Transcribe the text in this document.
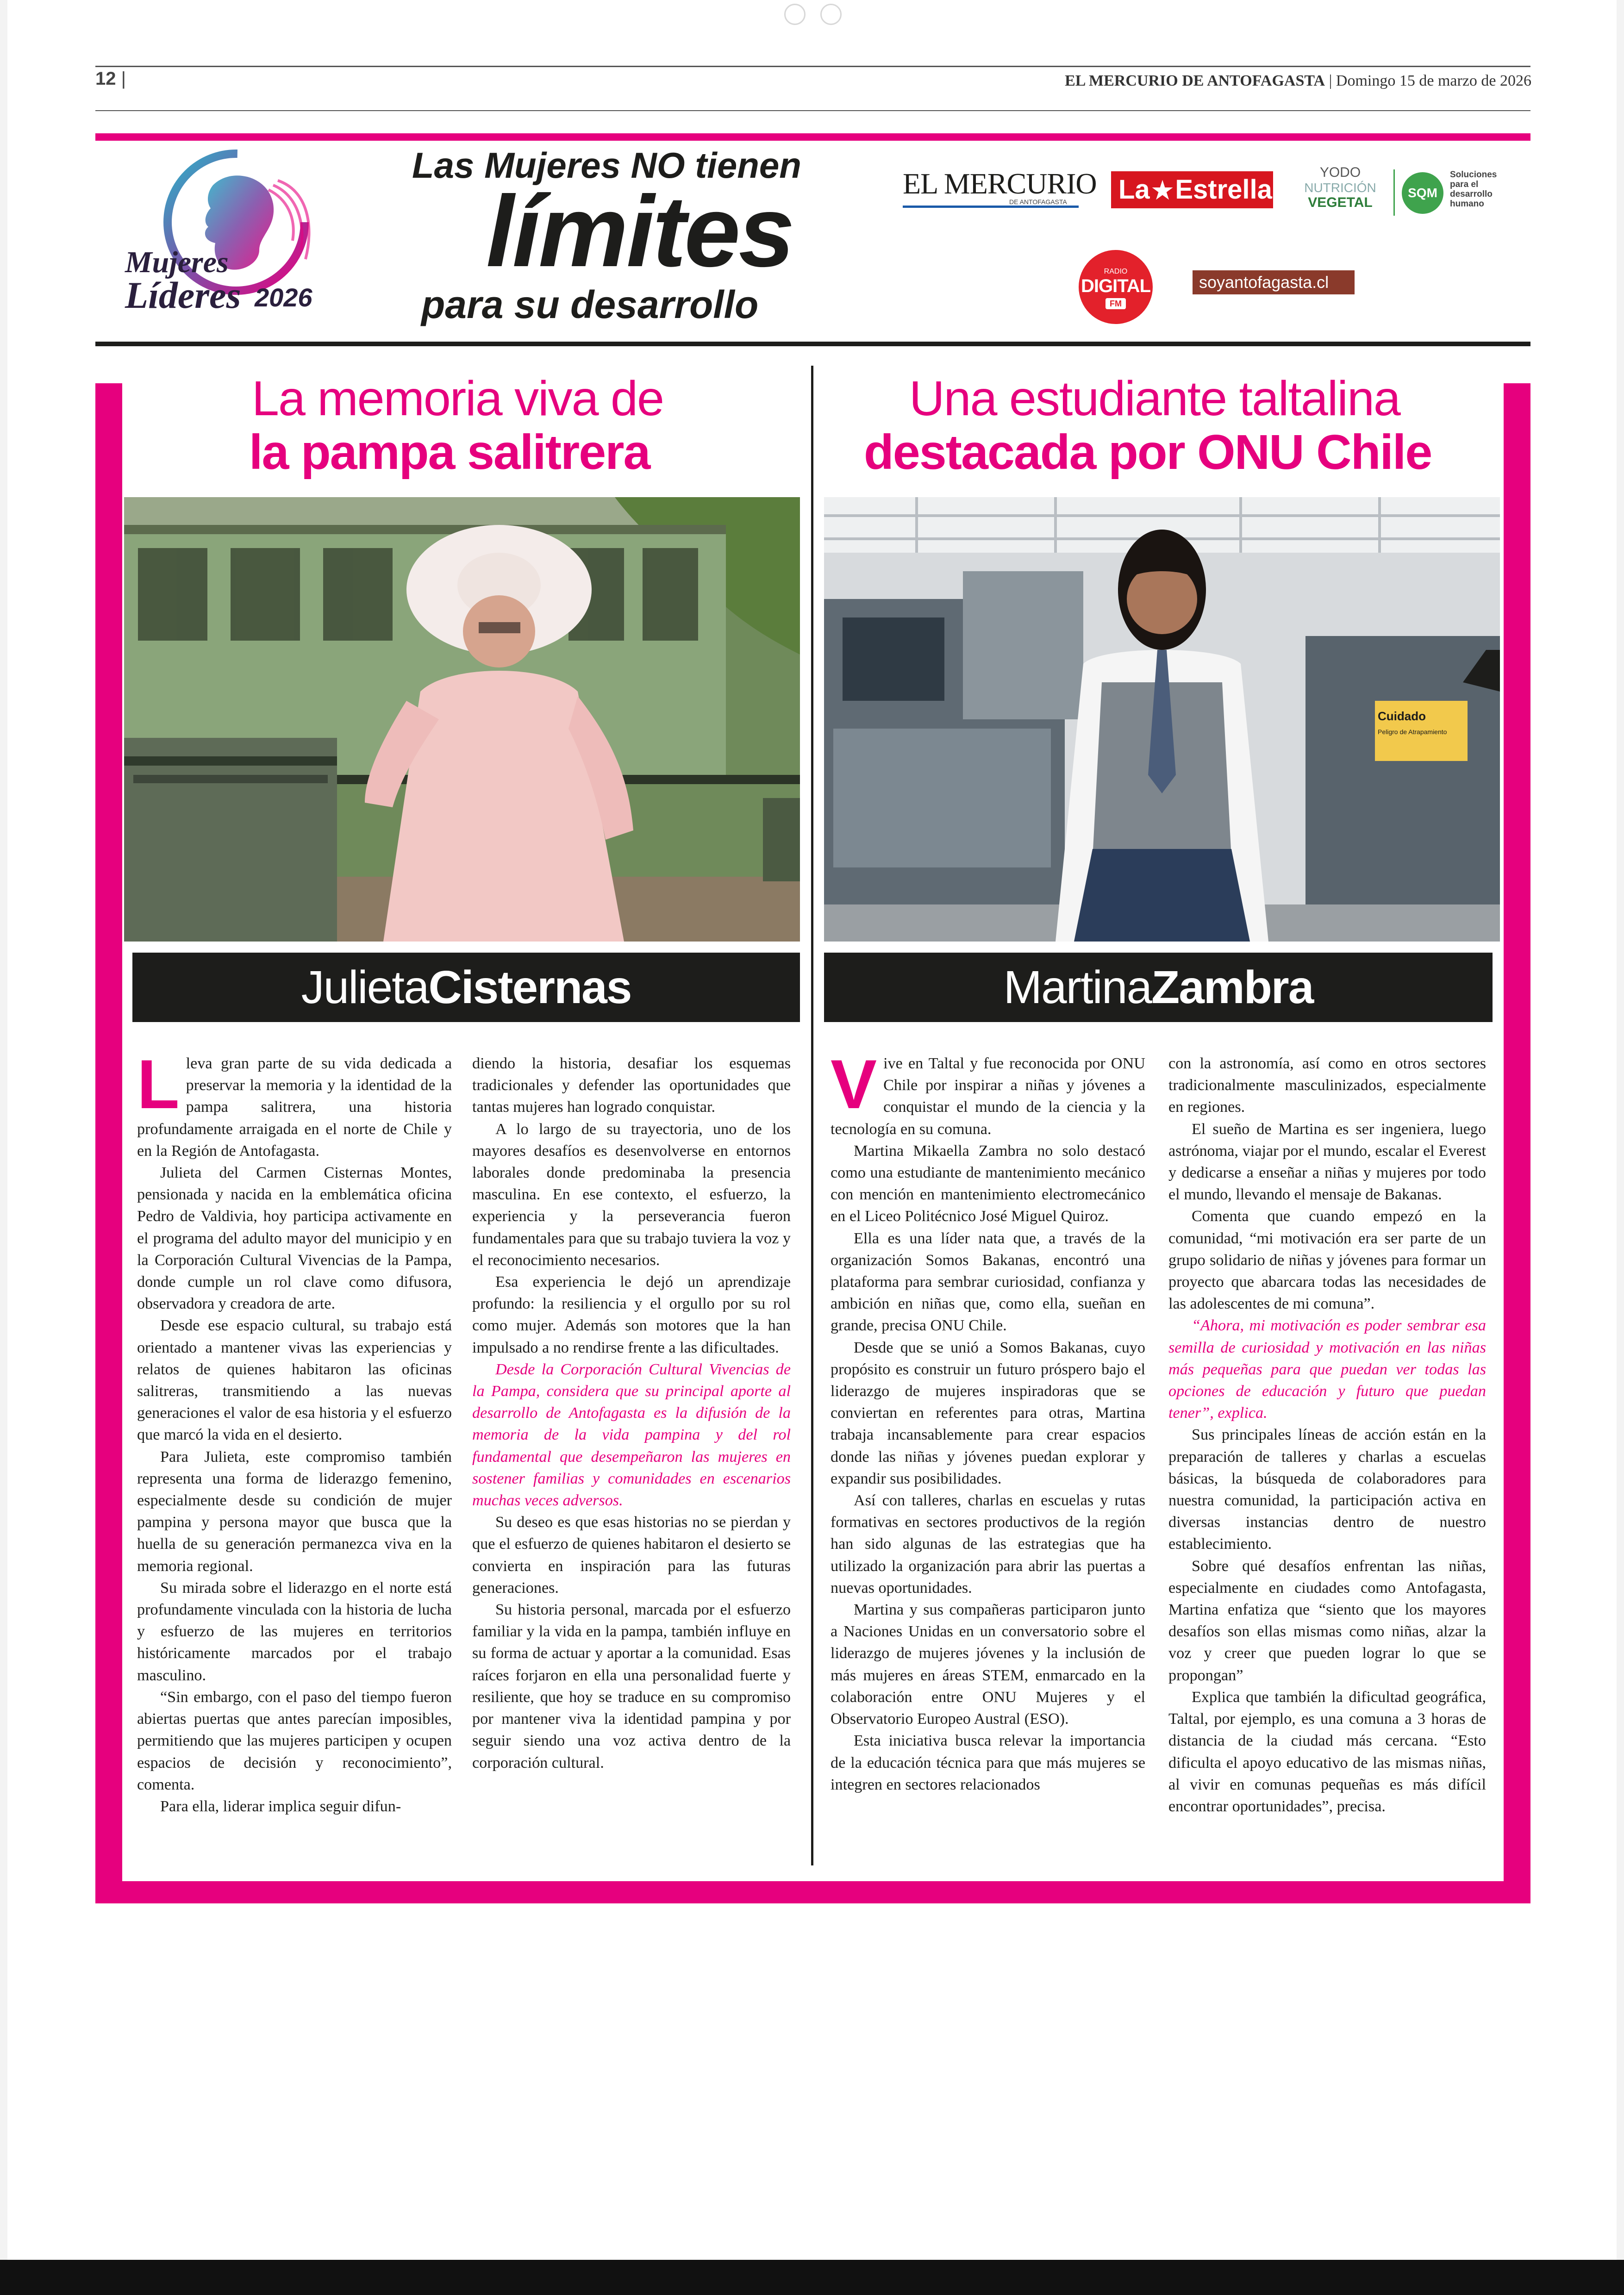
12 |	EL MERCURIO DE ANTOFAGASTA | Domingo 15 de marzo de 2026
Mujeres
Líderes 2026
Las Mujeres NO tienen
límites
para su desarrollo
EL MERCURIO
DE ANTOFAGASTA La★Estrella
YODO
NUTRICIÓN
VEGETAL
SQM
Soluciones para el desarrollo humano
RADIO
DIGITAL
FM
soyantofagasta.cl
La memoria viva de
la pampa salitrera
JulietaCisternas
L leva gran parte de su vida dedicada a preservar la memoria y la identidad de la pampa salitrera, una historia profundamente arraigada en el norte de Chile y en la Región de Antofagasta.

Julieta del Carmen Cisternas Montes, pensionada y nacida en la emblemática oficina Pedro de Valdivia, hoy participa activamente en el programa del adulto mayor del municipio y en la Corporación Cultural Vivencias de la Pampa, donde cumple un rol clave como difusora, observadora y creadora de arte.

Desde ese espacio cultural, su trabajo está orientado a mantener vivas las experiencias y relatos de quienes habitaron las oficinas salitreras, transmitiendo a las nuevas generaciones el valor de esa historia y el esfuerzo que marcó la vida en el desierto.

Para Julieta, este compromiso también representa una forma de liderazgo femenino, especialmente desde su condición de mujer pampina y persona mayor que busca que la huella de su generación permanezca viva en la memoria regional.

Su mirada sobre el liderazgo en el norte está profundamente vinculada con la historia de lucha y esfuerzo de las mujeres en territorios históricamente marcados por el trabajo masculino.

“Sin embargo, con el paso del tiempo fueron abiertas puertas que antes parecían imposibles, permitiendo que las mujeres participen y ocupen espacios de decisión y reconocimiento”, comenta.

Para ella, liderar implica seguir difun-

diendo la historia, desafiar los esquemas tradicionales y defender las oportunidades que tantas mujeres han logrado conquistar.

A lo largo de su trayectoria, uno de los mayores desafíos es desenvolverse en entornos laborales donde predominaba la presencia masculina. En ese contexto, el esfuerzo, la experiencia y la perseverancia fueron fundamentales para que su trabajo tuviera la voz y el reconocimiento necesarios.

Esa experiencia le dejó un aprendizaje profundo: la resiliencia y el orgullo por su rol como mujer. Además son motores que la han impulsado a no rendirse frente a las dificultades.

Desde la Corporación Cultural Vivencias de la Pampa, considera que su principal aporte al desarrollo de Antofagasta es la difusión de la memoria de la vida pampina y del rol fundamental que desempeñaron las mujeres en sostener familias y comunidades en escenarios muchas veces adversos.

Su deseo es que esas historias no se pierdan y que el esfuerzo de quienes habitaron el desierto se convierta en inspiración para las futuras generaciones.

Su historia personal, marcada por el esfuerzo familiar y la vida en la pampa, también influye en su forma de actuar y aportar a la comunidad. Esas raíces forjaron en ella una personalidad fuerte y resiliente, que hoy se traduce en su compromiso por mantener viva la identidad pampina y por seguir siendo una voz activa dentro de la corporación cultural.

Una estudiante taltalina
destacada por ONU Chile
Cuidado
Peligro de Atrapamiento
MartinaZambra
V ive en Taltal y fue reconocida por ONU Chile por inspirar a niñas y jóvenes a conquistar el mundo de la ciencia y la tecnología en su comuna.

Martina Mikaella Zambra no solo destacó como una estudiante de mantenimiento mecánico con mención en mantenimiento electromecánico en el Liceo Politécnico José Miguel Quiroz.

Ella es una líder nata que, a través de la organización Somos Bakanas, encontró una plataforma para sembrar curiosidad, confianza y ambición en niñas que, como ella, sueñan en grande, precisa ONU Chile.

Desde que se unió a Somos Bakanas, cuyo propósito es construir un futuro próspero bajo el liderazgo de mujeres inspiradoras que se conviertan en referentes para otras, Martina trabaja incansablemente para crear espacios donde las niñas y jóvenes puedan explorar y expandir sus posibilidades.

Así con talleres, charlas en escuelas y rutas formativas en sectores productivos de la región han sido algunas de las estrategias que ha utilizado la organización para abrir las puertas a nuevas oportunidades.

Martina y sus compañeras participaron junto a Naciones Unidas en un conversatorio sobre el liderazgo de mujeres jóvenes y la inclusión de más mujeres en áreas STEM, enmarcado en la colaboración entre ONU Mujeres y el Observatorio Europeo Austral (ESO).

Esta iniciativa busca relevar la importancia de la educación técnica para que más mujeres se integren en sectores relacionados

con la astronomía, así como en otros sectores tradicionalmente masculinizados, especialmente en regiones.

El sueño de Martina es ser ingeniera, luego astrónoma, viajar por el mundo, escalar el Everest y dedicarse a enseñar a niñas y mujeres por todo el mundo, llevando el mensaje de Bakanas.

Comenta que cuando empezó en la comunidad, “mi motivación era ser parte de un grupo solidario de niñas y jóvenes para formar un proyecto que abarcara todas las necesidades de las adolescentes de mi comuna”.

“Ahora, mi motivación es poder sembrar esa semilla de curiosidad y motivación en las niñas más pequeñas para que puedan ver todas las opciones de educación y futuro que puedan tener”, explica.

Sus principales líneas de acción están en la preparación de talleres y charlas a escuelas básicas, la búsqueda de colaboradores para nuestra comunidad, la participación activa en diversas instancias dentro de nuestro establecimiento.

Sobre qué desafíos enfrentan las niñas, especialmente en ciudades como Antofagasta, Martina enfatiza que “siento que los mayores desafíos son ellas mismas como niñas, alzar la voz y creer que pueden lograr lo que se propongan”

Explica que también la dificultad geográfica, Taltal, por ejemplo, es una comuna a 3 horas de distancia de la ciudad más cercana. “Esto dificulta el apoyo educativo de las mismas niñas, al vivir en comunas pequeñas es más difícil encontrar oportunidades”, precisa.
